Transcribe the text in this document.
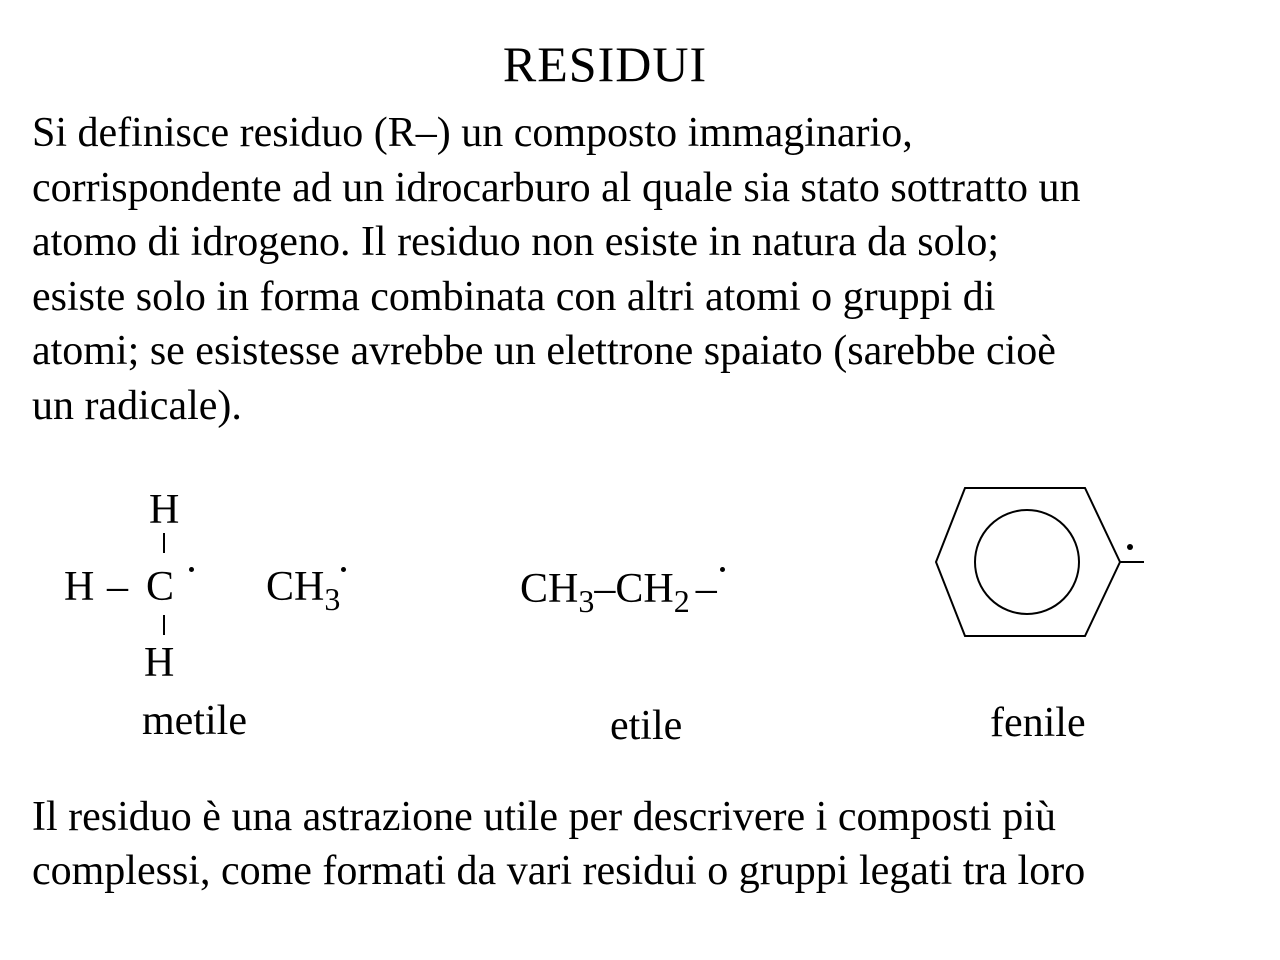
RESIDUI
Si definisce residuo (R–) un composto immaginario,
corrispondente ad un idrocarburo al quale sia stato sottratto un
atomo di idrogeno. Il residuo non esiste in natura da solo;
esiste solo in forma combinata con altri atomi o gruppi di
atomi; se esistesse avrebbe un elettrone spaiato (sarebbe cioè
un radicale).
H
H – C
H
$CH_3$
metile
$CH_3-CH_2$ –
etile	fenile
Il residuo è una astrazione utile per descrivere i composti più
complessi, come formati da vari residui o gruppi legati tra loro
